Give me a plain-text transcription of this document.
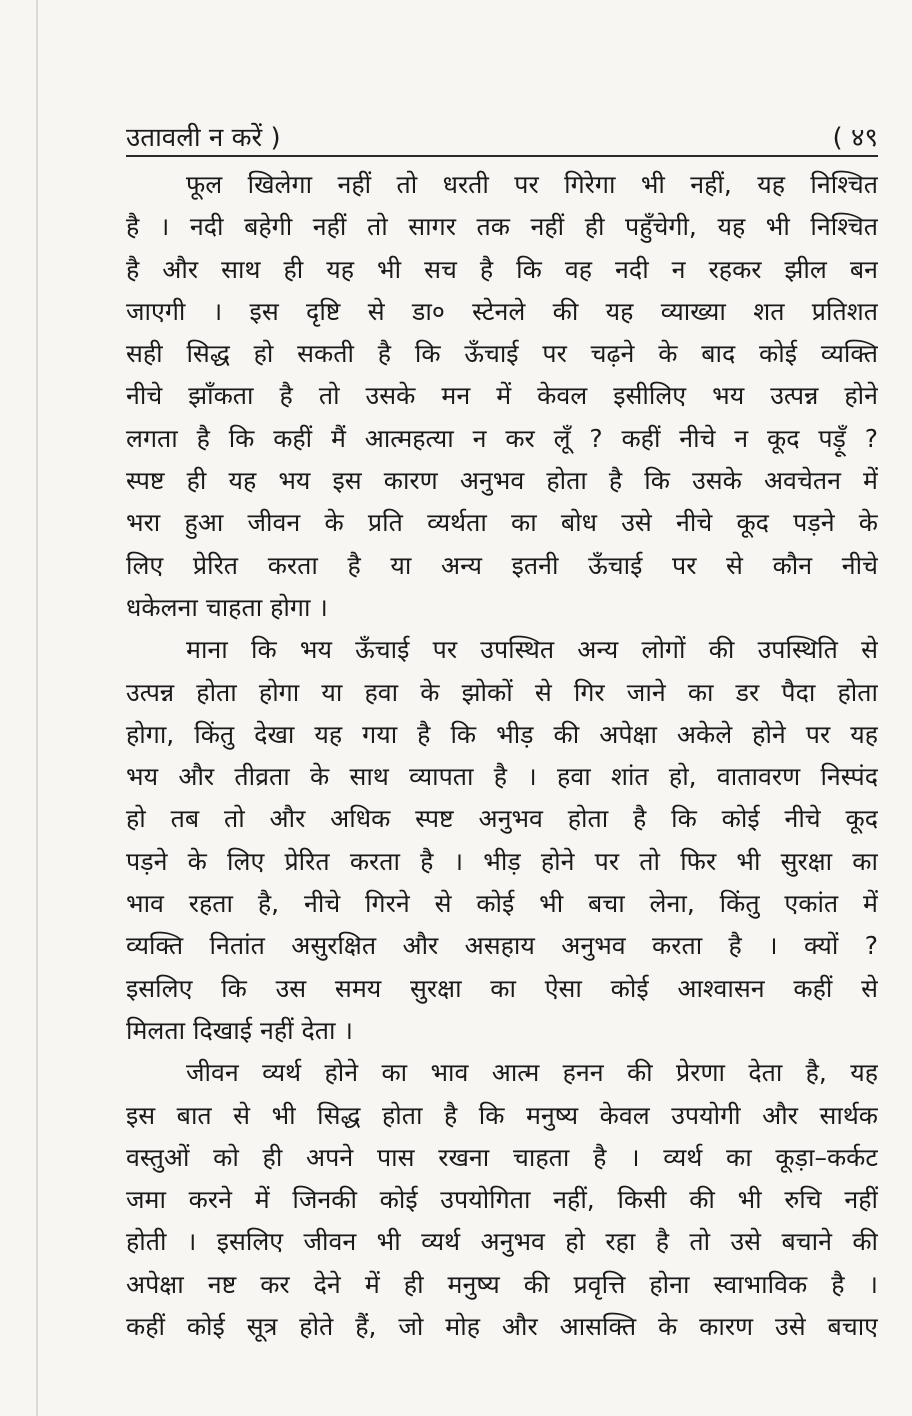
उतावली न करें )	( ४९
फूल खिलेगा नहीं तो धरती पर गिरेगा भी नहीं, यह निश्चित
है । नदी बहेगी नहीं तो सागर तक नहीं ही पहुँचेगी, यह भी निश्चित
है और साथ ही यह भी सच है कि वह नदी न रहकर झील बन
जाएगी । इस दृष्टि से डा० स्टेनले की यह व्याख्या शत प्रतिशत
सही सिद्ध हो सकती है कि ऊँचाई पर चढ़ने के बाद कोई व्यक्ति
नीचे झाँकता है तो उसके मन में केवल इसीलिए भय उत्पन्न होने
लगता है कि कहीं मैं आत्महत्या न कर लूँ ? कहीं नीचे न कूद पड़ूँ ?
स्पष्ट ही यह भय इस कारण अनुभव होता है कि उसके अवचेतन में
भरा हुआ जीवन के प्रति व्यर्थता का बोध उसे नीचे कूद पड़ने के
लिए प्रेरित करता है या अन्य इतनी ऊँचाई पर से कौन नीचे
धकेलना चाहता होगा ।
माना कि भय ऊँचाई पर उपस्थित अन्य लोगों की उपस्थिति से
उत्पन्न होता होगा या हवा के झोकों से गिर जाने का डर पैदा होता
होगा, किंतु देखा यह गया है कि भीड़ की अपेक्षा अकेले होने पर यह
भय और तीव्रता के साथ व्यापता है । हवा शांत हो, वातावरण निस्पंद
हो तब तो और अधिक स्पष्ट अनुभव होता है कि कोई नीचे कूद
पड़ने के लिए प्रेरित करता है । भीड़ होने पर तो फिर भी सुरक्षा का
भाव रहता है, नीचे गिरने से कोई भी बचा लेना, किंतु एकांत में
व्यक्ति नितांत असुरक्षित और असहाय अनुभव करता है । क्यों ?
इसलिए कि उस समय सुरक्षा का ऐसा कोई आश्वासन कहीं से
मिलता दिखाई नहीं देता ।
जीवन व्यर्थ होने का भाव आत्म हनन की प्रेरणा देता है, यह
इस बात से भी सिद्ध होता है कि मनुष्य केवल उपयोगी और सार्थक
वस्तुओं को ही अपने पास रखना चाहता है । व्यर्थ का कूड़ा–कर्कट
जमा करने में जिनकी कोई उपयोगिता नहीं, किसी की भी रुचि नहीं
होती । इसलिए जीवन भी व्यर्थ अनुभव हो रहा है तो उसे बचाने की
अपेक्षा नष्ट कर देने में ही मनुष्य की प्रवृत्ति होना स्वाभाविक है ।
कहीं कोई सूत्र होते हैं, जो मोह और आसक्ति के कारण उसे बचाए
